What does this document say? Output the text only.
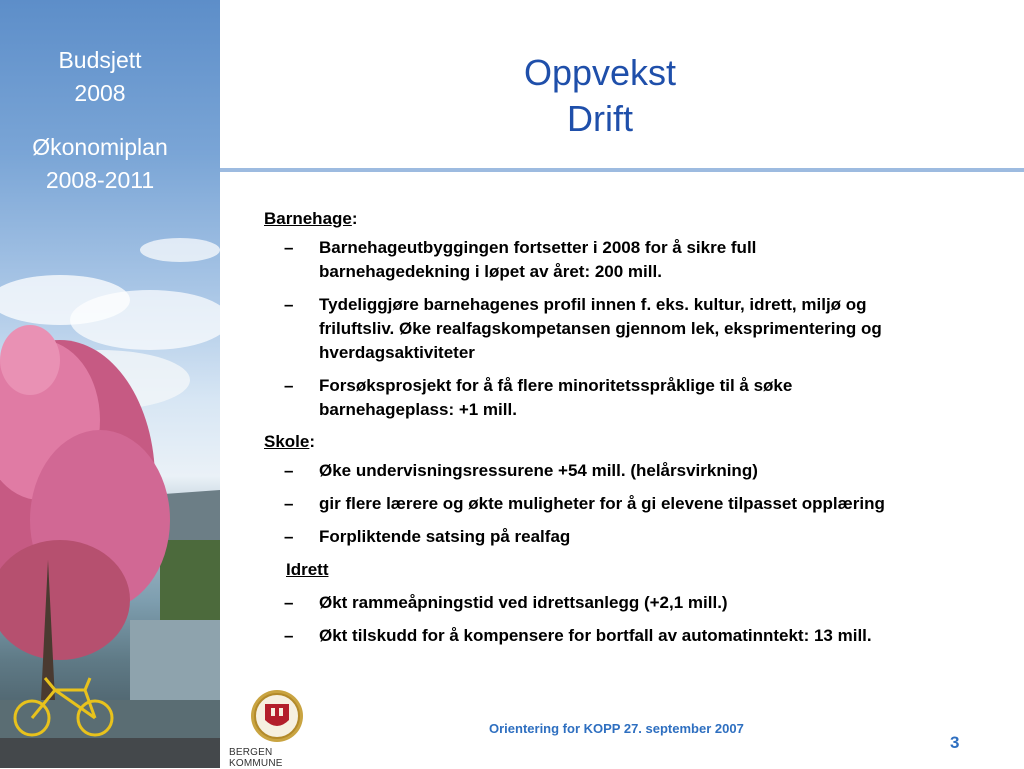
Budsjett
2008
Økonomiplan
2008-2011
Oppvekst
Drift
Barnehage:
– Barnehageutbyggingen fortsetter i 2008 for å sikre full
barnehagedekning i løpet av året: 200 mill.
– Tydeliggjøre barnehagenes profil innen f. eks. kultur, idrett, miljø og
friluftsliv. Øke realfagskompetansen gjennom lek, eksprimentering og
hverdagsaktiviteter
– Forsøksprosjekt for å få flere minoritetsspråklige til å søke
barnehageplass: +1 mill.
Skole:
– Øke undervisningsressurene +54 mill. (helårsvirkning)
– gir flere lærere og økte muligheter for å gi elevene tilpasset opplæring
– Forpliktende satsing på realfag
Idrett
– Økt rammeåpningstid ved idrettsanlegg (+2,1 mill.)
– Økt tilskudd for å kompensere for bortfall av automatinntekt: 13 mill.
BERGEN KOMMUNE
Orientering for KOPP 27. september 2007
3
